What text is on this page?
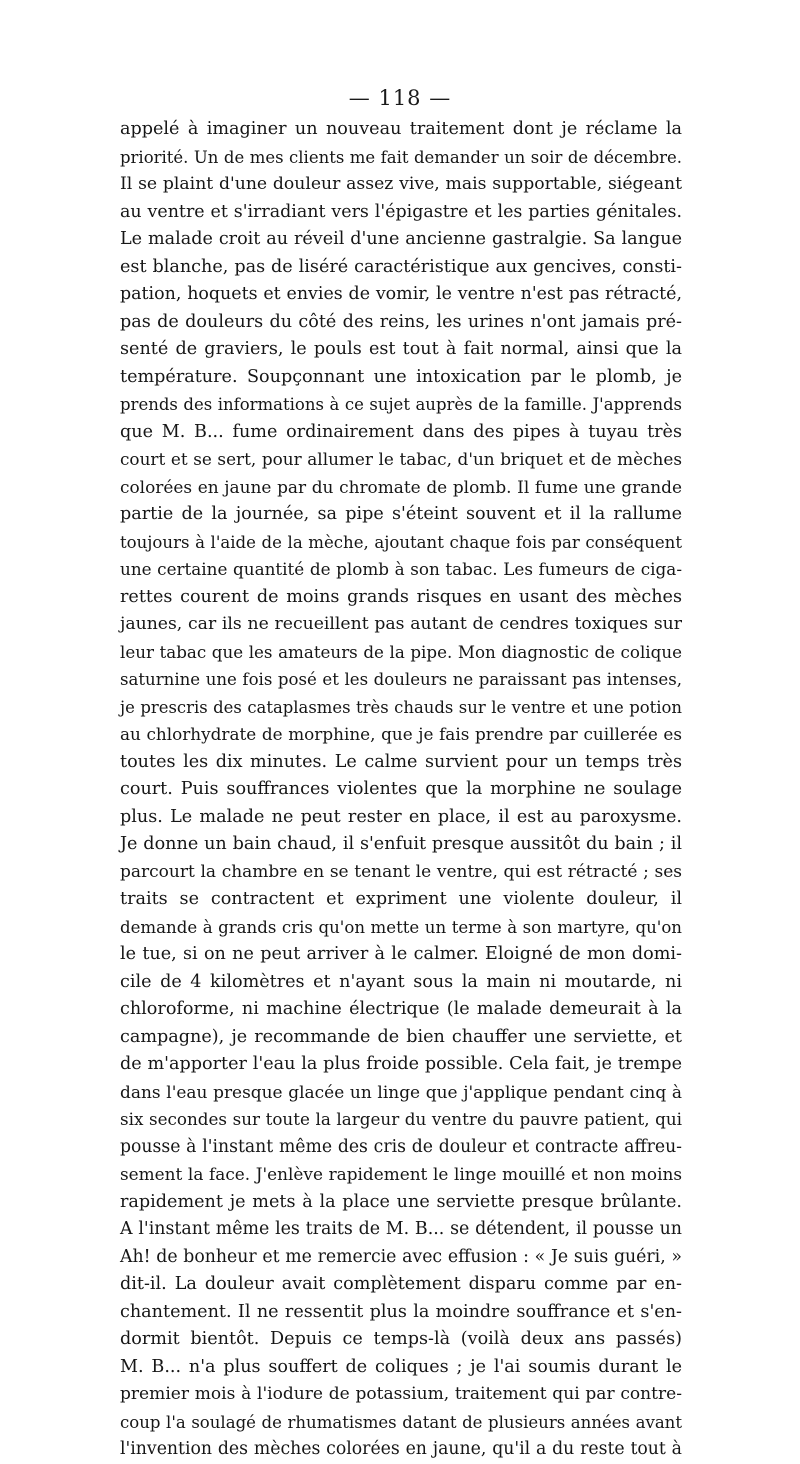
— 118 —
appelé à imaginer un nouveau traitement dont je réclame la
priorité. Un de mes clients me fait demander un soir de décembre.
Il se plaint d'une douleur assez vive, mais supportable, siégeant
au ventre et s'irradiant vers l'épigastre et les parties génitales.
Le malade croit au réveil d'une ancienne gastralgie. Sa langue
est blanche, pas de liséré caractéristique aux gencives, consti-
pation, hoquets et envies de vomir, le ventre n'est pas rétracté,
pas de douleurs du côté des reins, les urines n'ont jamais pré-
senté de graviers, le pouls est tout à fait normal, ainsi que la
température. Soupçonnant une intoxication par le plomb, je
prends des informations à ce sujet auprès de la famille. J'apprends
que M. B... fume ordinairement dans des pipes à tuyau très
court et se sert, pour allumer le tabac, d'un briquet et de mèches
colorées en jaune par du chromate de plomb. Il fume une grande
partie de la journée, sa pipe s'éteint souvent et il la rallume
toujours à l'aide de la mèche, ajoutant chaque fois par conséquent
une certaine quantité de plomb à son tabac. Les fumeurs de ciga-
rettes courent de moins grands risques en usant des mèches
jaunes, car ils ne recueillent pas autant de cendres toxiques sur
leur tabac que les amateurs de la pipe. Mon diagnostic de colique
saturnine une fois posé et les douleurs ne paraissant pas intenses,
je prescris des cataplasmes très chauds sur le ventre et une potion
au chlorhydrate de morphine, que je fais prendre par cuillerée es
toutes les dix minutes. Le calme survient pour un temps très
court. Puis souffrances violentes que la morphine ne soulage
plus. Le malade ne peut rester en place, il est au paroxysme.
Je donne un bain chaud, il s'enfuit presque aussitôt du bain ; il
parcourt la chambre en se tenant le ventre, qui est rétracté ; ses
traits se contractent et expriment une violente douleur, il
demande à grands cris qu'on mette un terme à son martyre, qu'on
le tue, si on ne peut arriver à le calmer. Eloigné de mon domi-
cile de 4 kilomètres et n'ayant sous la main ni moutarde, ni
chloroforme, ni machine électrique (le malade demeurait à la
campagne), je recommande de bien chauffer une serviette, et
de m'apporter l'eau la plus froide possible. Cela fait, je trempe
dans l'eau presque glacée un linge que j'applique pendant cinq à
six secondes sur toute la largeur du ventre du pauvre patient, qui
pousse à l'instant même des cris de douleur et contracte affreu-
sement la face. J'enlève rapidement le linge mouillé et non moins
rapidement je mets à la place une serviette presque brûlante.
A l'instant même les traits de M. B... se détendent, il pousse un
Ah! de bonheur et me remercie avec effusion : « Je suis guéri, »
dit-il. La douleur avait complètement disparu comme par en-
chantement. Il ne ressentit plus la moindre souffrance et s'en-
dormit bientôt. Depuis ce temps-là (voilà deux ans passés)
M. B... n'a plus souffert de coliques ; je l'ai soumis durant le
premier mois à l'iodure de potassium, traitement qui par contre-
coup l'a soulagé de rhumatismes datant de plusieurs années avant
l'invention des mèches colorées en jaune, qu'il a du reste tout à
